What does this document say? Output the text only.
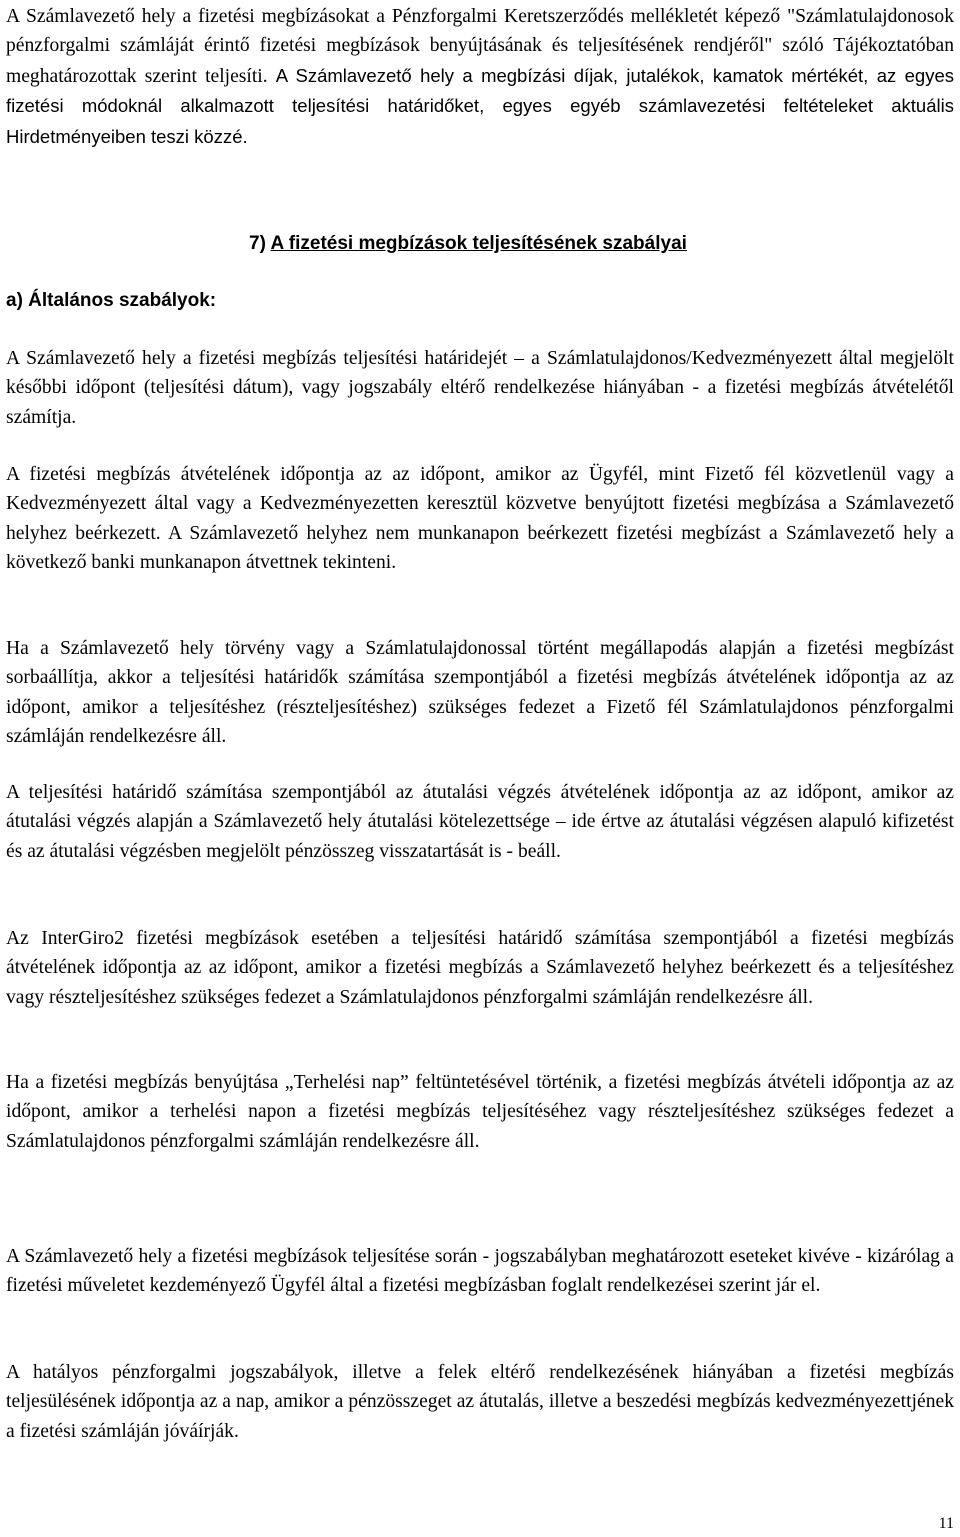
A Számlavezető hely a fizetési megbízásokat a Pénzforgalmi Keretszerződés mellékletét képező "Számlatulajdonosok pénzforgalmi számláját érintő fizetési megbízások benyújtásának és teljesítésének rendjéről" szóló Tájékoztatóban meghatározottak szerint teljesíti. A Számlavezető hely a megbízási díjak, jutalékok, kamatok mértékét, az egyes fizetési módoknál alkalmazott teljesítési határidőket, egyes egyéb számlavezetési feltételeket aktuális Hirdetményeiben teszi közzé.

7) A fizetési megbízások teljesítésének szabályai
a) Általános szabályok:

A Számlavezető hely a fizetési megbízás teljesítési határidejét – a Számlatulajdonos/Kedvezményezett által megjelölt későbbi időpont (teljesítési dátum), vagy jogszabály eltérő rendelkezése hiányában - a fizetési megbízás átvételétől számítja.

A fizetési megbízás átvételének időpontja az az időpont, amikor az Ügyfél, mint Fizető fél közvetlenül vagy a Kedvezményezett által vagy a Kedvezményezetten keresztül közvetve benyújtott fizetési megbízása a Számlavezető helyhez beérkezett. A Számlavezető helyhez nem munkanapon beérkezett fizetési megbízást a Számlavezető hely a következő banki munkanapon átvettnek tekinteni.

Ha a Számlavezető hely törvény vagy a Számlatulajdonossal történt megállapodás alapján a fizetési megbízást sorbaállítja, akkor a teljesítési határidők számítása szempontjából a fizetési megbízás átvételének időpontja az az időpont, amikor a teljesítéshez (részteljesítéshez) szükséges fedezet a Fizető fél Számlatulajdonos pénzforgalmi számláján rendelkezésre áll.

A teljesítési határidő számítása szempontjából az átutalási végzés átvételének időpontja az az időpont, amikor az átutalási végzés alapján a Számlavezető hely átutalási kötelezettsége – ide értve az átutalási végzésen alapuló kifizetést és az átutalási végzésben megjelölt pénzösszeg visszatartását is - beáll.

Az InterGiro2 fizetési megbízások esetében a teljesítési határidő számítása szempontjából a fizetési megbízás átvételének időpontja az az időpont, amikor a fizetési megbízás a Számlavezető helyhez beérkezett és a teljesítéshez vagy részteljesítéshez szükséges fedezet a Számlatulajdonos pénzforgalmi számláján rendelkezésre áll.

Ha a fizetési megbízás benyújtása „Terhelési nap” feltüntetésével történik, a fizetési megbízás átvételi időpontja az az időpont, amikor a terhelési napon a fizetési megbízás teljesítéséhez vagy részteljesítéshez szükséges fedezet a Számlatulajdonos pénzforgalmi számláján rendelkezésre áll.

A Számlavezető hely a fizetési megbízások teljesítése során - jogszabályban meghatározott eseteket kivéve - kizárólag a fizetési műveletet kezdeményező Ügyfél által a fizetési megbízásban foglalt rendelkezései szerint jár el.

A hatályos pénzforgalmi jogszabályok, illetve a felek eltérő rendelkezésének hiányában a fizetési megbízás teljesülésének időpontja az a nap, amikor a pénzösszeget az átutalás, illetve a beszedési megbízás kedvezményezettjének a fizetési számláján jóváírják.

11
